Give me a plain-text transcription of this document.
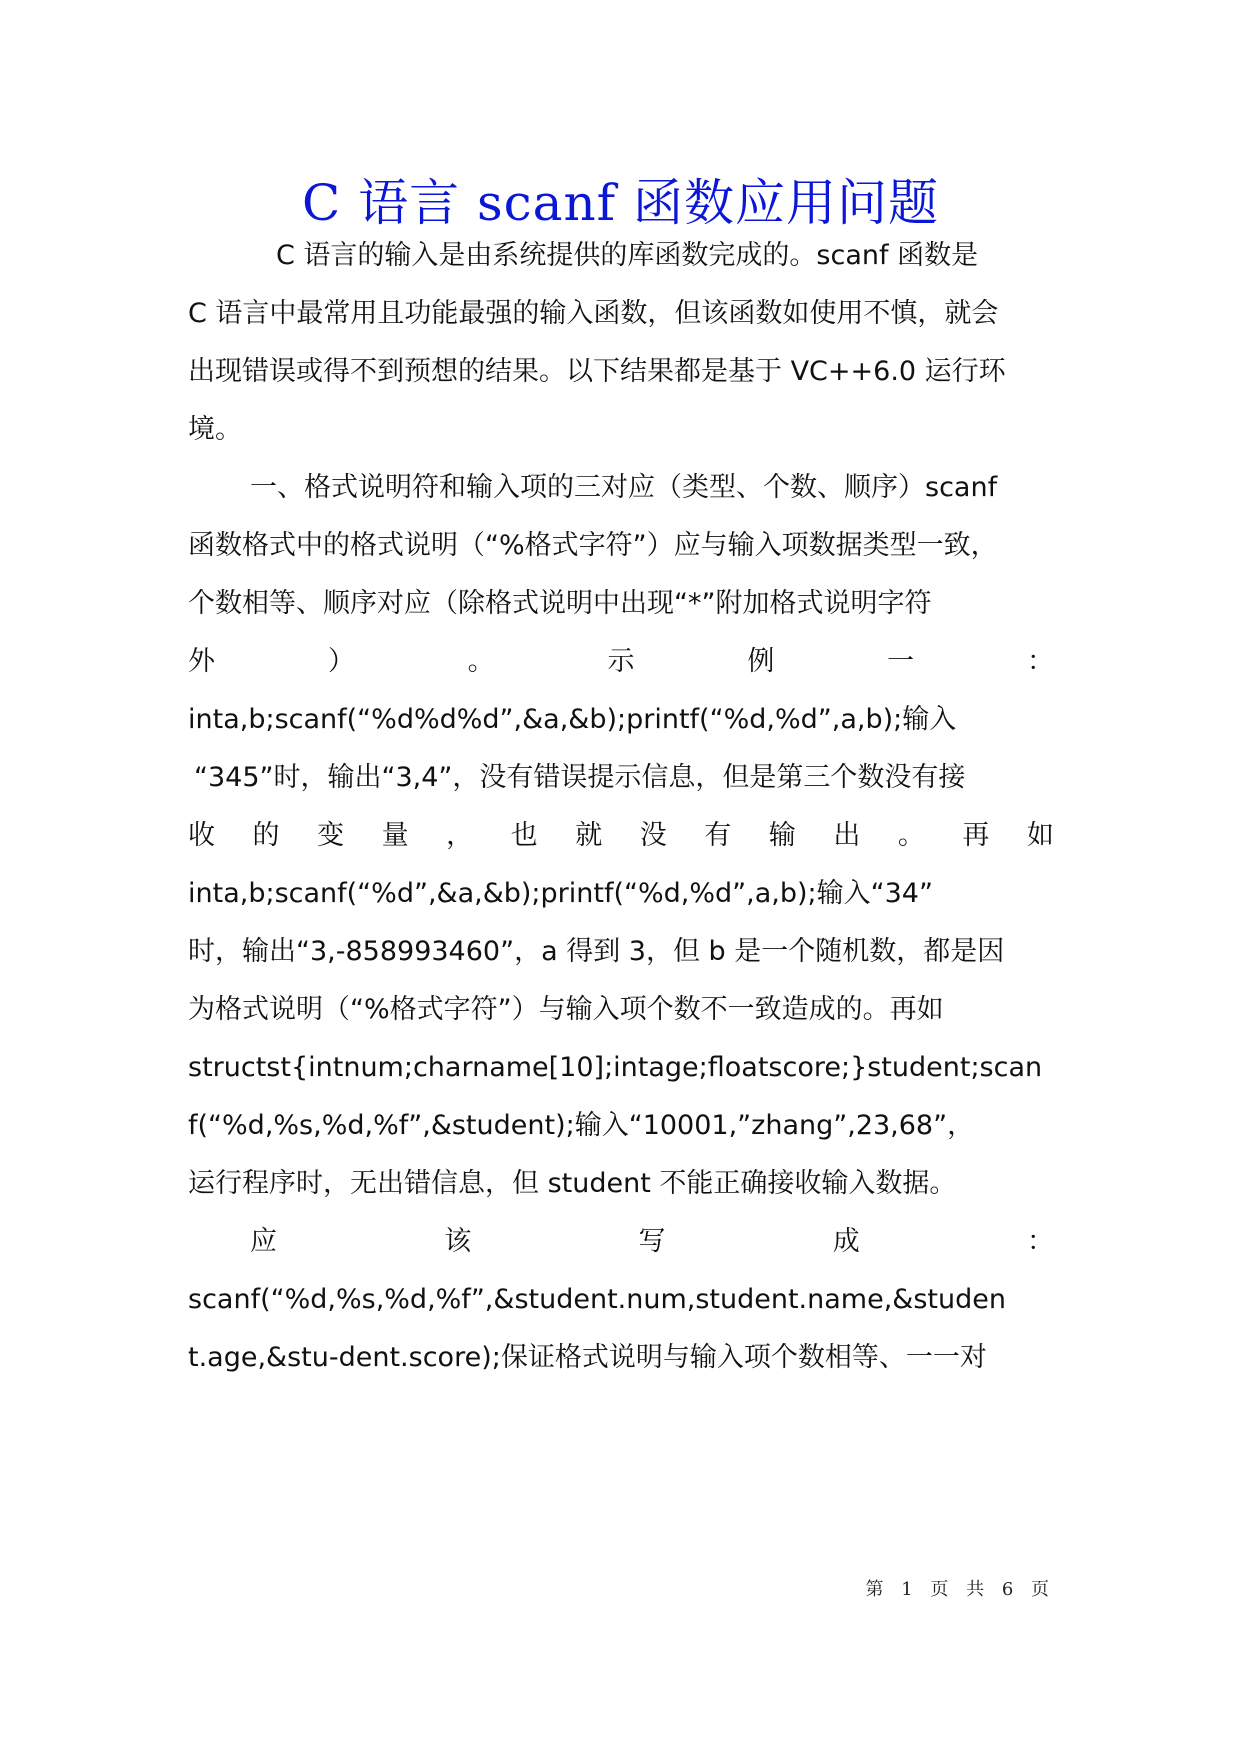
C 语言 scanf 函数应用问题
C 语言的输入是由系统提供的库函数完成的。scanf 函数是
C 语言中最常用且功能最强的输入函数，但该函数如使用不慎，就会
出现错误或得不到预想的结果。以下结果都是基于 VC++6.0 运行环
境。
一、格式说明符和输入项的三对应（类型、个数、顺序）scanf
函数格式中的格式说明（“%格式字符”）应与输入项数据类型一致，
个数相等、顺序对应（除格式说明中出现“*”附加格式说明字符
外	）	。	示	例	一	：
inta,b;scanf(“%d%d%d”,&a,&b);printf(“%d,%d”,a,b);输入
“345”时，输出“3,4”，没有错误提示信息，但是第三个数没有接
收 的 变 量 ， 也 就 没 有 输 出 。 再 如
inta,b;scanf(“%d”,&a,&b);printf(“%d,%d”,a,b);输入“34”
时，输出“3,-858993460”，a 得到 3，但 b 是一个随机数，都是因
为格式说明（“%格式字符”）与输入项个数不一致造成的。再如
structst{intnum;charname[10];intage;floatscore;}student;scan
f(“%d,%s,%d,%f”,&student);输入“10001,”zhang”,23,68”，
运行程序时，无出错信息，但 student 不能正确接收输入数据。
应	该	写	成	：
scanf(“%d,%s,%d,%f”,&student.num,student.name,&studen
t.age,&stu-dent.score);保证格式说明与输入项个数相等、一一对
第 1 页 共 6 页
